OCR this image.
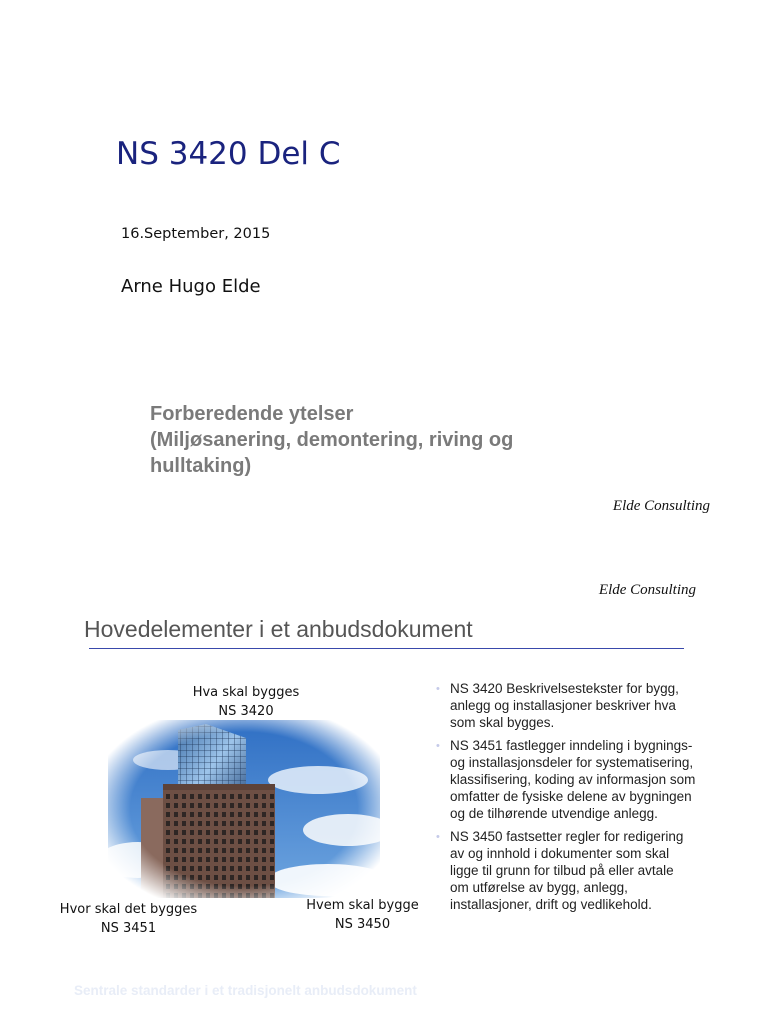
NS 3420 Del C
16.September, 2015
Arne Hugo Elde
Forberedende ytelser
(Miljøsanering, demontering, riving og
hulltaking)
Elde Consulting
Elde Consulting
Hovedelementer i et anbudsdokument
Hva skal bygges
NS 3420
Hvor skal det bygges
NS 3451
Hvem skal bygge
NS 3450
• NS 3420 Beskrivelsestekster for bygg, anlegg og installasjoner beskriver hva som skal bygges.
• NS 3451 fastlegger inndeling i bygnings- og installasjonsdeler for systematisering, klassifisering, koding av informasjon som omfatter de fysiske delene av bygningen og de tilhørende utvendige anlegg.
• NS 3450 fastsetter regler for redigering av og innhold i dokumenter som skal ligge til grunn for tilbud på eller avtale om utførelse av bygg, anlegg, installasjoner, drift og vedlikehold.
Sentrale standarder i et tradisjonelt anbudsdokument
